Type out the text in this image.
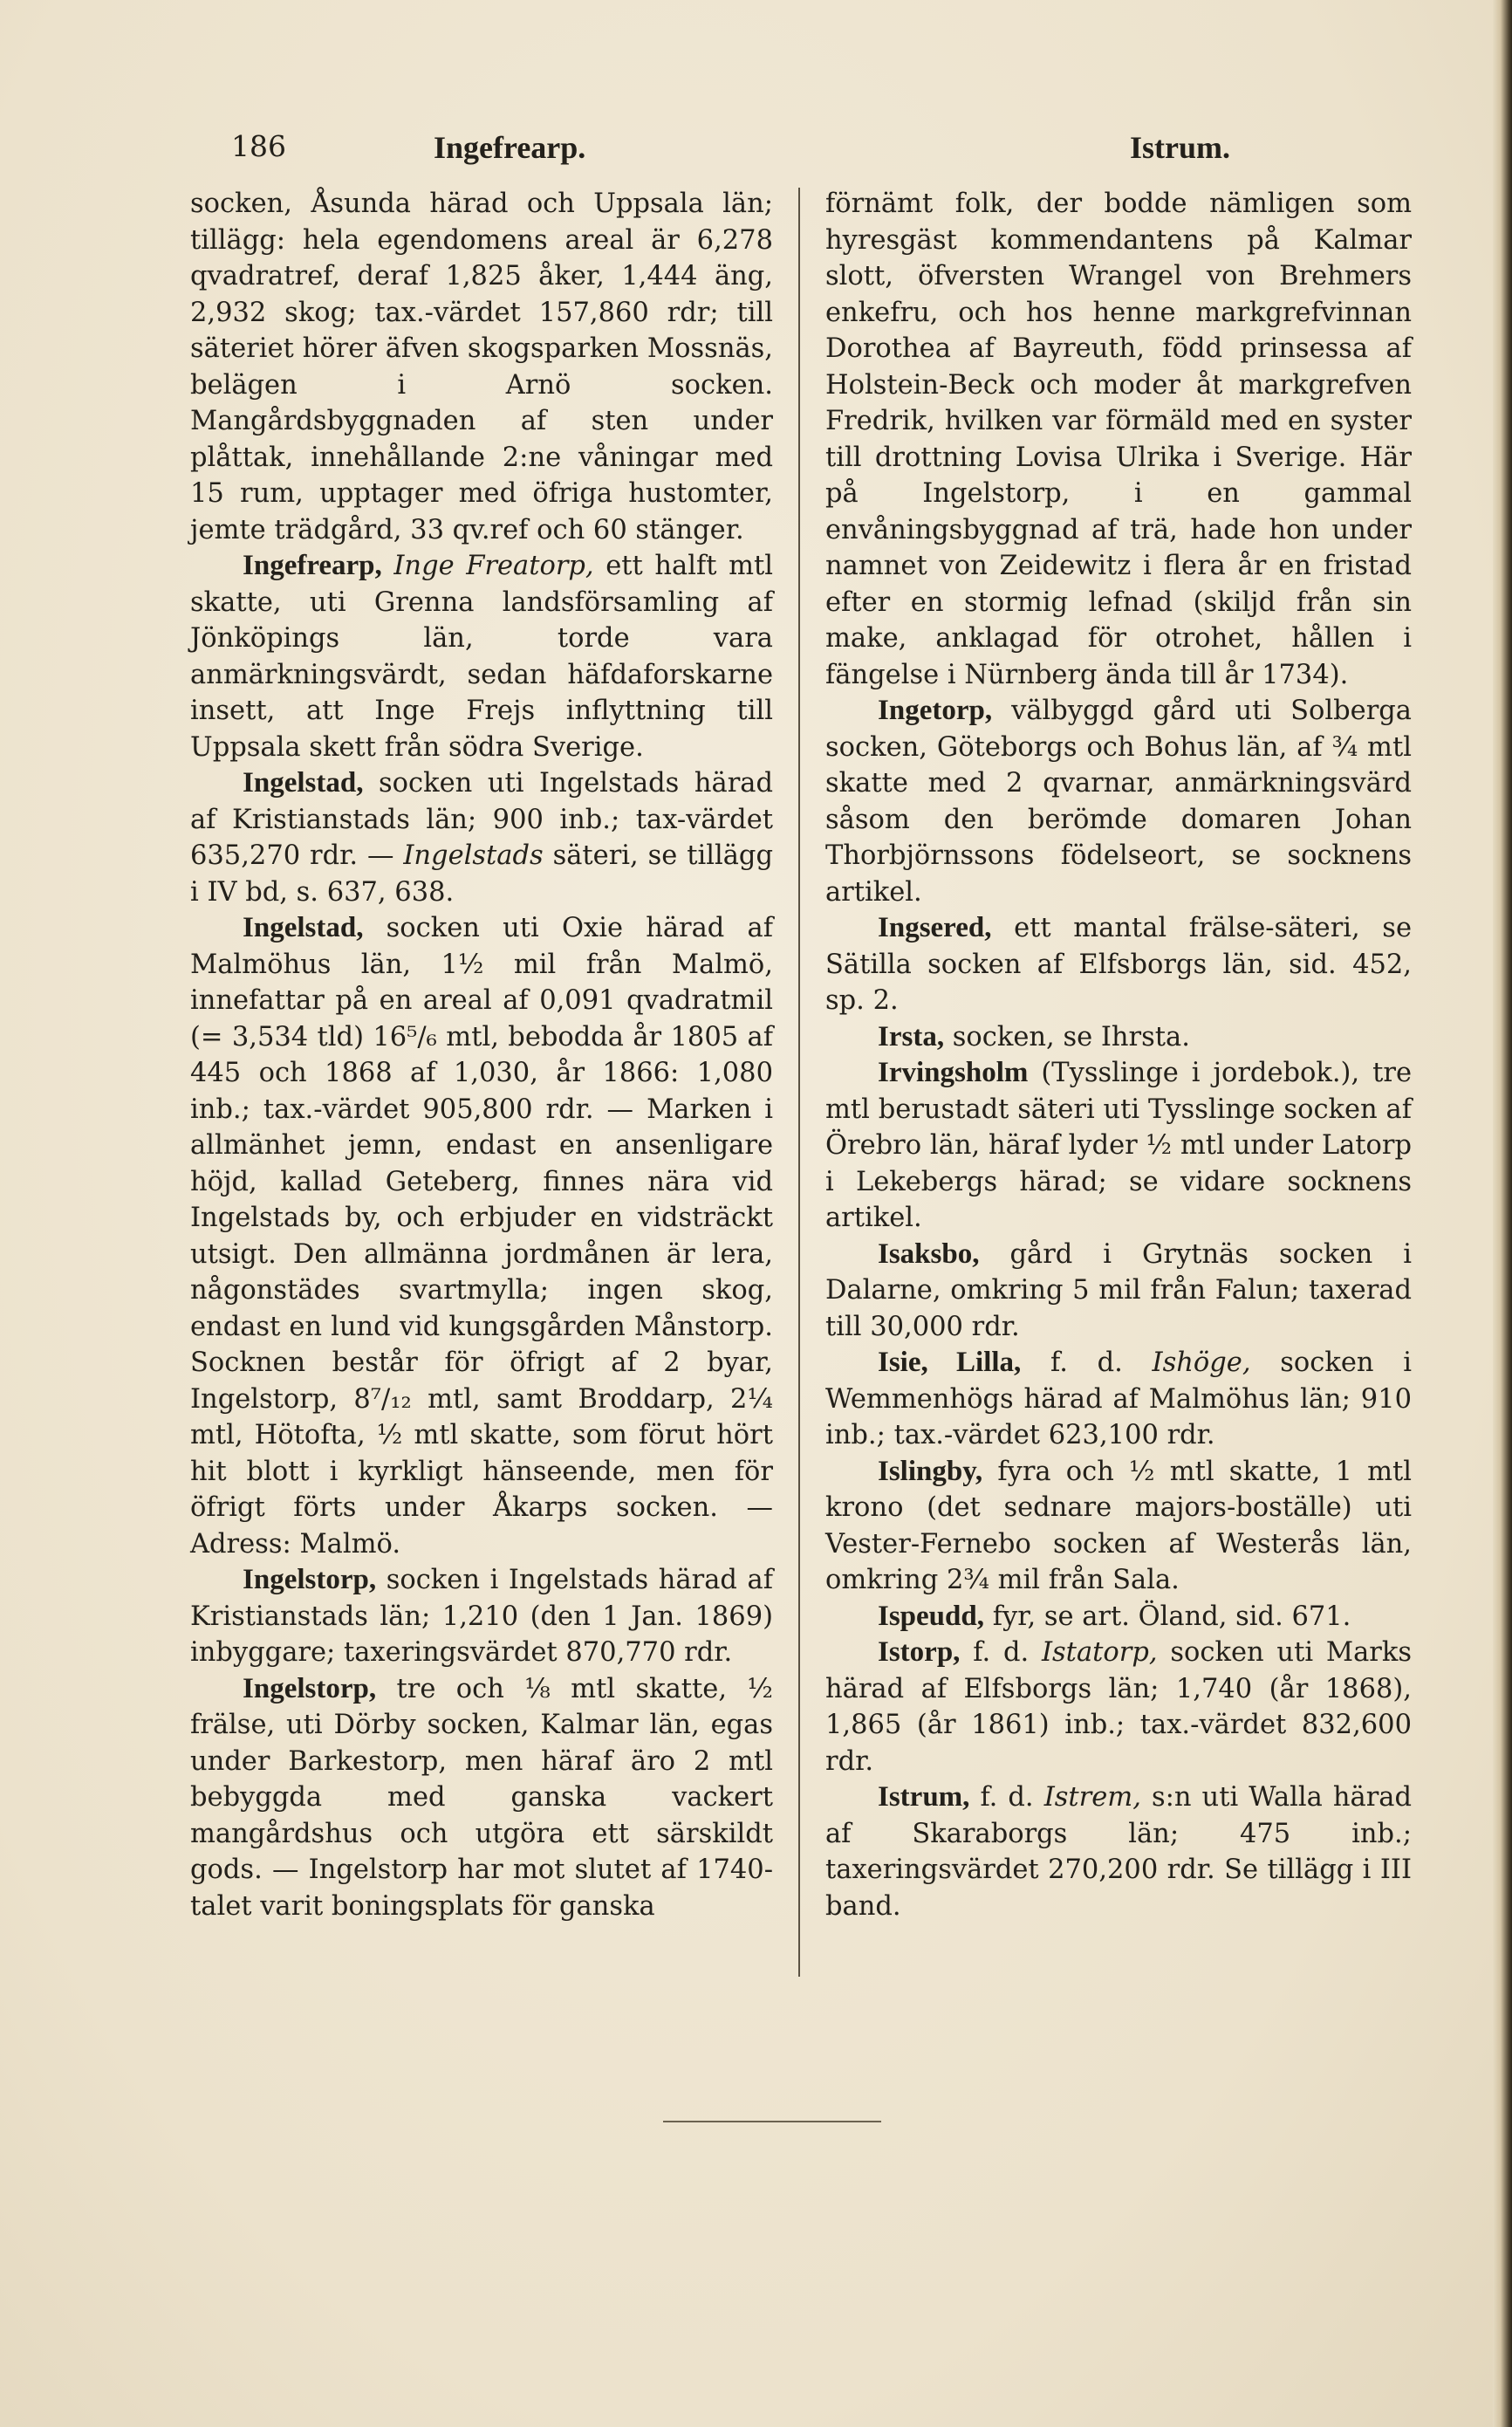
186	Ingefrearp.	Istrum.

socken, Åsunda härad och Uppsala län; tillägg: hela egendomens areal är 6,278 qvadratref, deraf 1,825 åker, 1,444 äng, 2,932 skog; tax.-värdet 157,860 rdr; till säteriet hörer äfven skogsparken Mossnäs, belägen i Arnö socken. Mangårdsbyggnaden af sten under plåttak, innehållande 2:ne våningar med 15 rum, upptager med öfriga hustomter, jemte trädgård, 33 qv.ref och 60 stänger.

Ingefrearp, Inge Freatorp, ett halft mtl skatte, uti Grenna landsförsamling af Jönköpings län, torde vara anmärkningsvärdt, sedan häfdaforskarne insett, att Inge Frejs inflyttning till Uppsala skett från södra Sverige.

Ingelstad, socken uti Ingelstads härad af Kristianstads län; 900 inb.; tax-värdet 635,270 rdr. — Ingelstads säteri, se tillägg i IV bd, s. 637, 638.

Ingelstad, socken uti Oxie härad af Malmöhus län, 1½ mil från Malmö, innefattar på en areal af 0,091 qvadratmil (= 3,534 tld) 16⁵/₆ mtl, bebodda år 1805 af 445 och 1868 af 1,030, år 1866: 1,080 inb.; tax.-värdet 905,800 rdr. — Marken i allmänhet jemn, endast en ansenligare höjd, kallad Geteberg, finnes nära vid Ingelstads by, och erbjuder en vidsträckt utsigt. Den allmänna jordmånen är lera, någonstädes svartmylla; ingen skog, endast en lund vid kungsgården Månstorp. Socknen består för öfrigt af 2 byar, Ingelstorp, 8⁷/₁₂ mtl, samt Broddarp, 2¼ mtl, Hötofta, ½ mtl skatte, som förut hört hit blott i kyrkligt hänseende, men för öfrigt förts under Åkarps socken. — Adress: Malmö.

Ingelstorp, socken i Ingelstads härad af Kristianstads län; 1,210 (den 1 Jan. 1869) inbyggare; taxeringsvärdet 870,770 rdr.

Ingelstorp, tre och ⅛ mtl skatte, ½ frälse, uti Dörby socken, Kalmar län, egas under Barkestorp, men häraf äro 2 mtl bebyggda med ganska vackert mangårdshus och utgöra ett särskildt gods. — Ingelstorp har mot slutet af 1740-talet varit boningsplats för ganska

förnämt folk, der bodde nämligen som hyresgäst kommendantens på Kalmar slott, öfversten Wrangel von Brehmers enkefru, och hos henne markgrefvinnan Dorothea af Bayreuth, född prinsessa af Holstein-Beck och moder åt markgrefven Fredrik, hvilken var förmäld med en syster till drottning Lovisa Ulrika i Sverige. Här på Ingelstorp, i en gammal envåningsbyggnad af trä, hade hon under namnet von Zeidewitz i flera år en fristad efter en stormig lefnad (skiljd från sin make, anklagad för otrohet, hållen i fängelse i Nürnberg ända till år 1734).

Ingetorp, välbyggd gård uti Solberga socken, Göteborgs och Bohus län, af ¾ mtl skatte med 2 qvarnar, anmärkningsvärd såsom den berömde domaren Johan Thorbjörnssons födelseort, se socknens artikel.

Ingsered, ett mantal frälse-säteri, se Sätilla socken af Elfsborgs län, sid. 452, sp. 2.

Irsta, socken, se Ihrsta.

Irvingsholm (Tysslinge i jordebok.), tre mtl berustadt säteri uti Tysslinge socken af Örebro län, häraf lyder ½ mtl under Latorp i Lekebergs härad; se vidare socknens artikel.

Isaksbo, gård i Grytnäs socken i Dalarne, omkring 5 mil från Falun; taxerad till 30,000 rdr.

Isie, Lilla, f. d. Ishöge, socken i Wemmenhögs härad af Malmöhus län; 910 inb.; tax.-värdet 623,100 rdr.

Islingby, fyra och ½ mtl skatte, 1 mtl krono (det sednare majors-boställe) uti Vester-Fernebo socken af Westerås län, omkring 2¾ mil från Sala.

Ispeudd, fyr, se art. Öland, sid. 671.

Istorp, f. d. Istatorp, socken uti Marks härad af Elfsborgs län; 1,740 (år 1868), 1,865 (år 1861) inb.; tax.-värdet 832,600 rdr.

Istrum, f. d. Istrem, s:n uti Walla härad af Skaraborgs län; 475 inb.; taxeringsvärdet 270,200 rdr. Se tillägg i III band.
